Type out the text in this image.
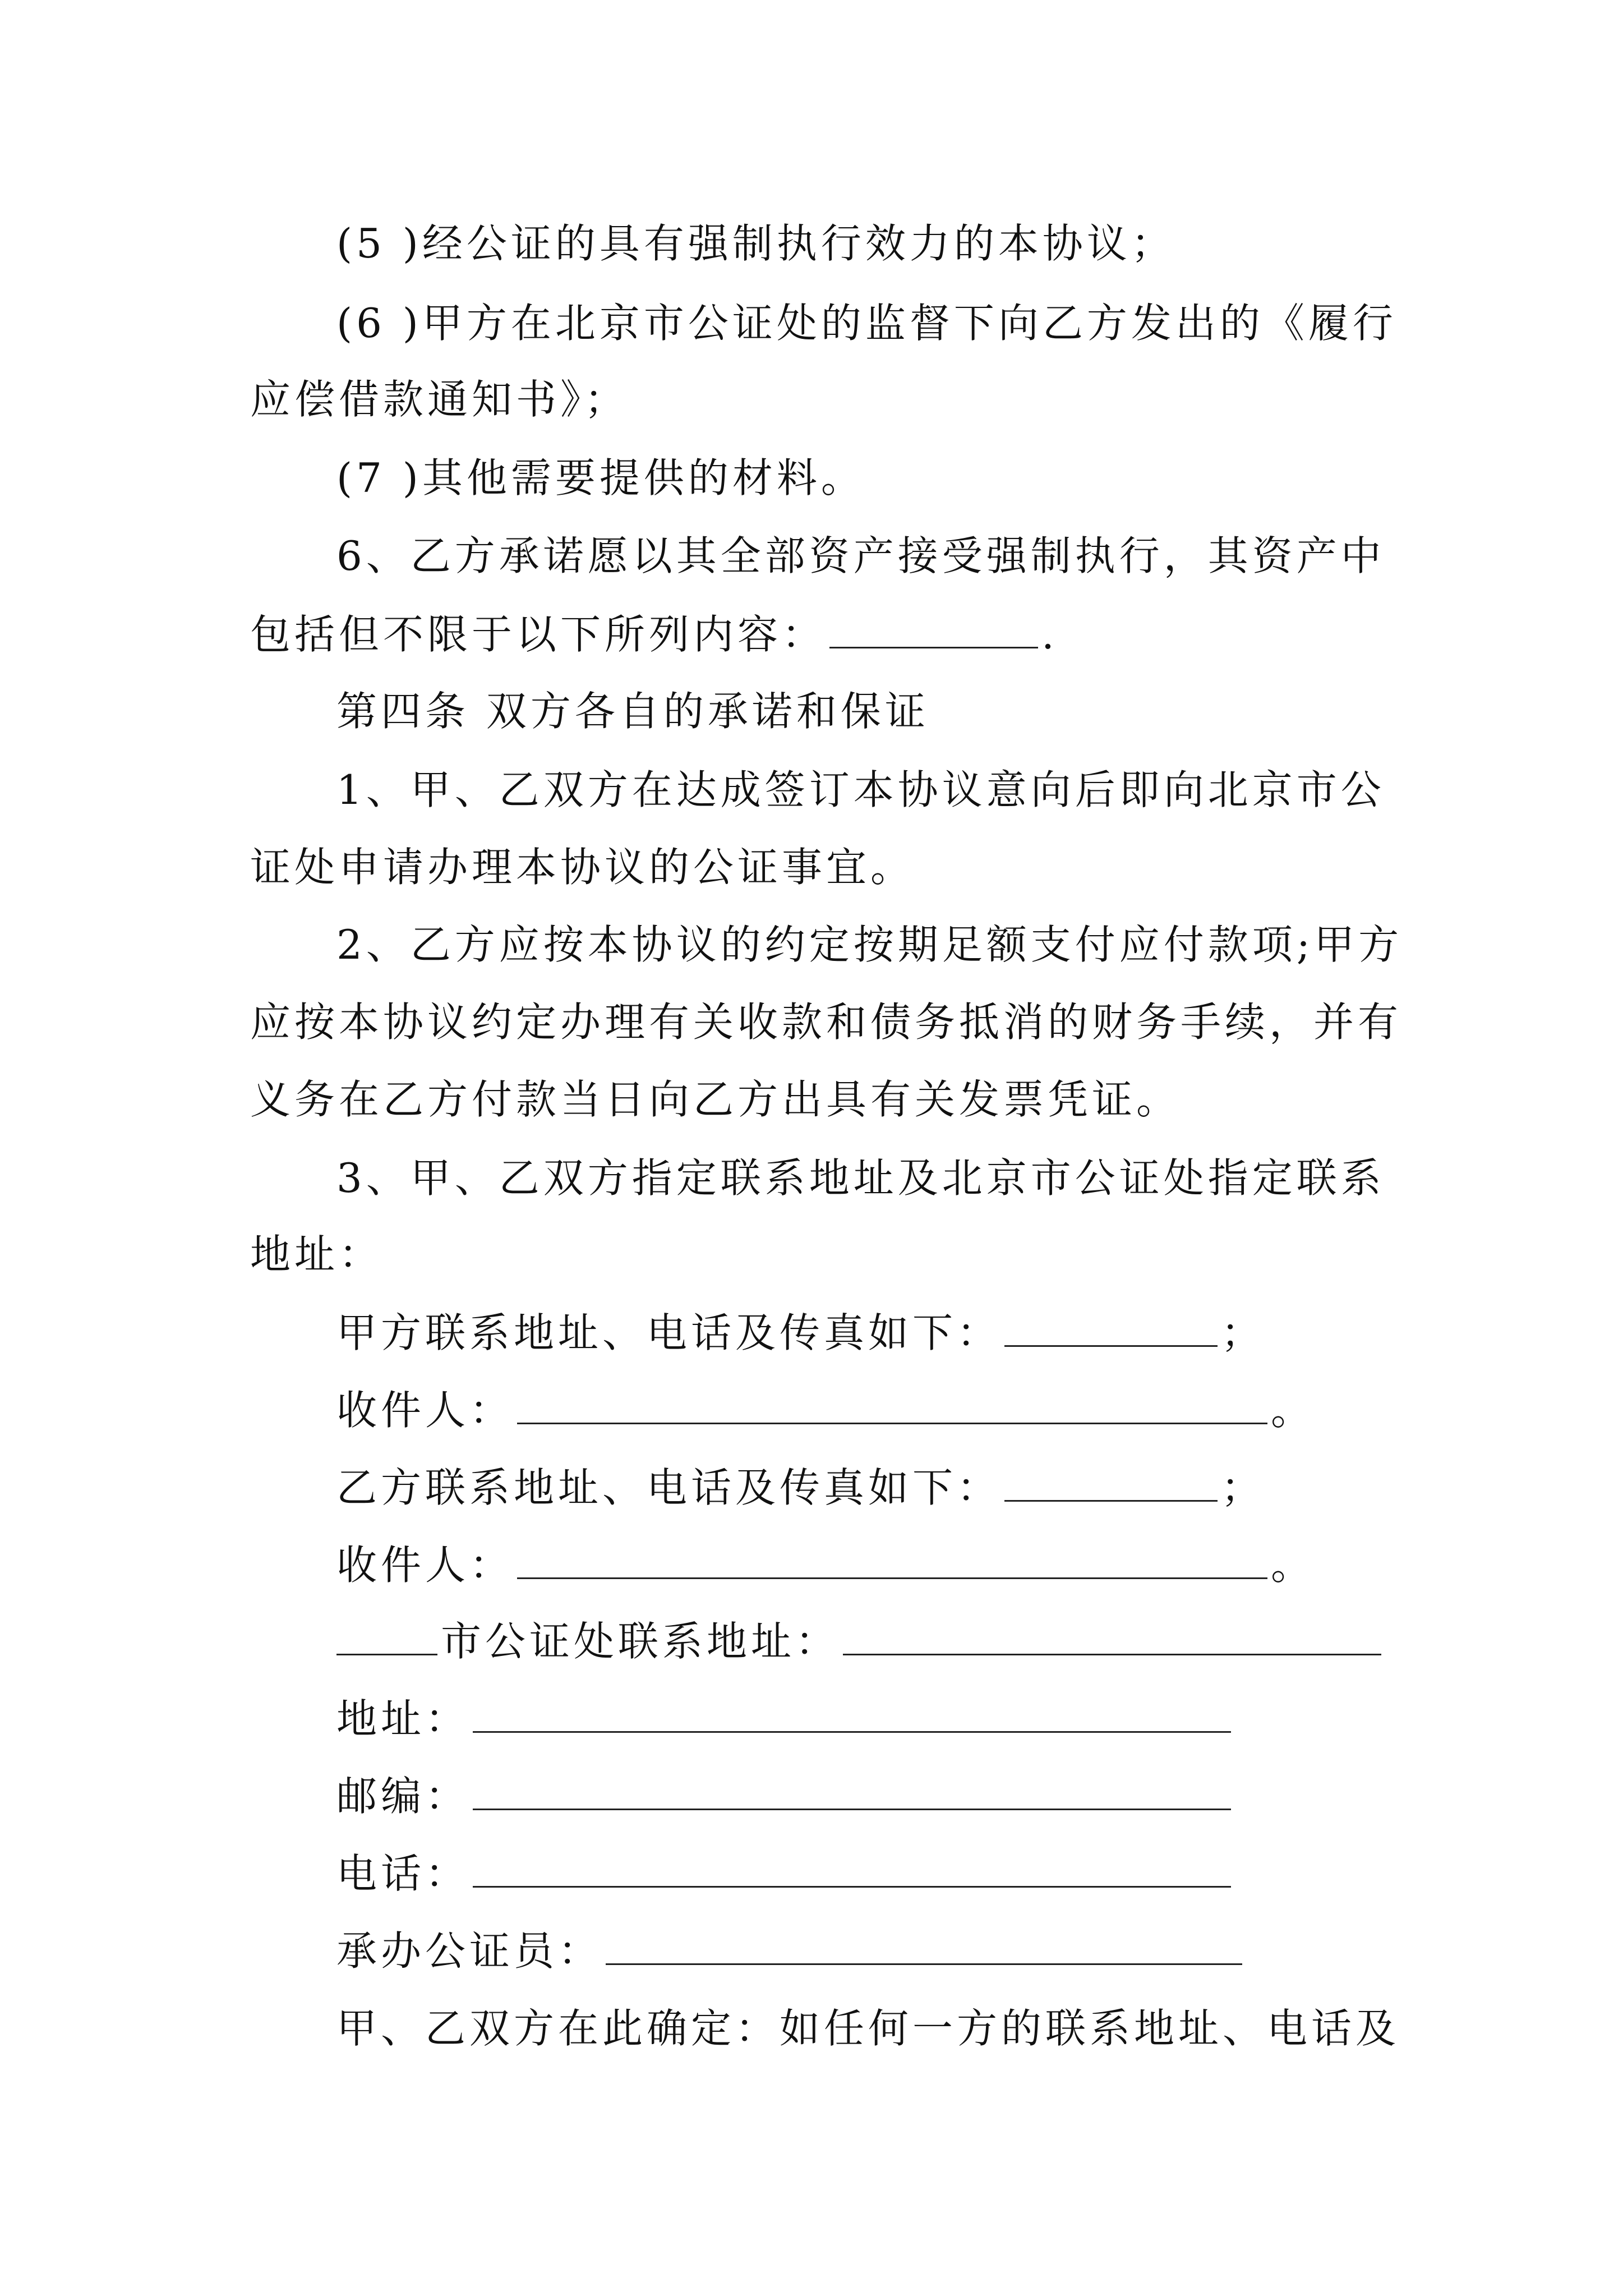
(5 )经公证的具有强制执行效力的本协议；
(6 )甲方在北京市公证处的监督下向乙方发出的《履行
应偿借款通知书》；
(7 )其他需要提供的材料。
6、乙方承诺愿以其全部资产接受强制执行，其资产中
包括但不限于以下所列内容：	.
第四条 双方各自的承诺和保证
1、甲、乙双方在达成签订本协议意向后即向北京市公
证处申请办理本协议的公证事宜。
2、乙方应按本协议的约定按期足额支付应付款项;甲方
应按本协议约定办理有关收款和债务抵消的财务手续，并有
义务在乙方付款当日向乙方出具有关发票凭证。
3、甲、乙双方指定联系地址及北京市公证处指定联系
地址：
甲方联系地址、电话及传真如下：	；
收件人：	。
乙方联系地址、电话及传真如下：	；
收件人：	。
市公证处联系地址：
地址：
邮编：
电话：
承办公证员：
甲、乙双方在此确定：如任何一方的联系地址、电话及
